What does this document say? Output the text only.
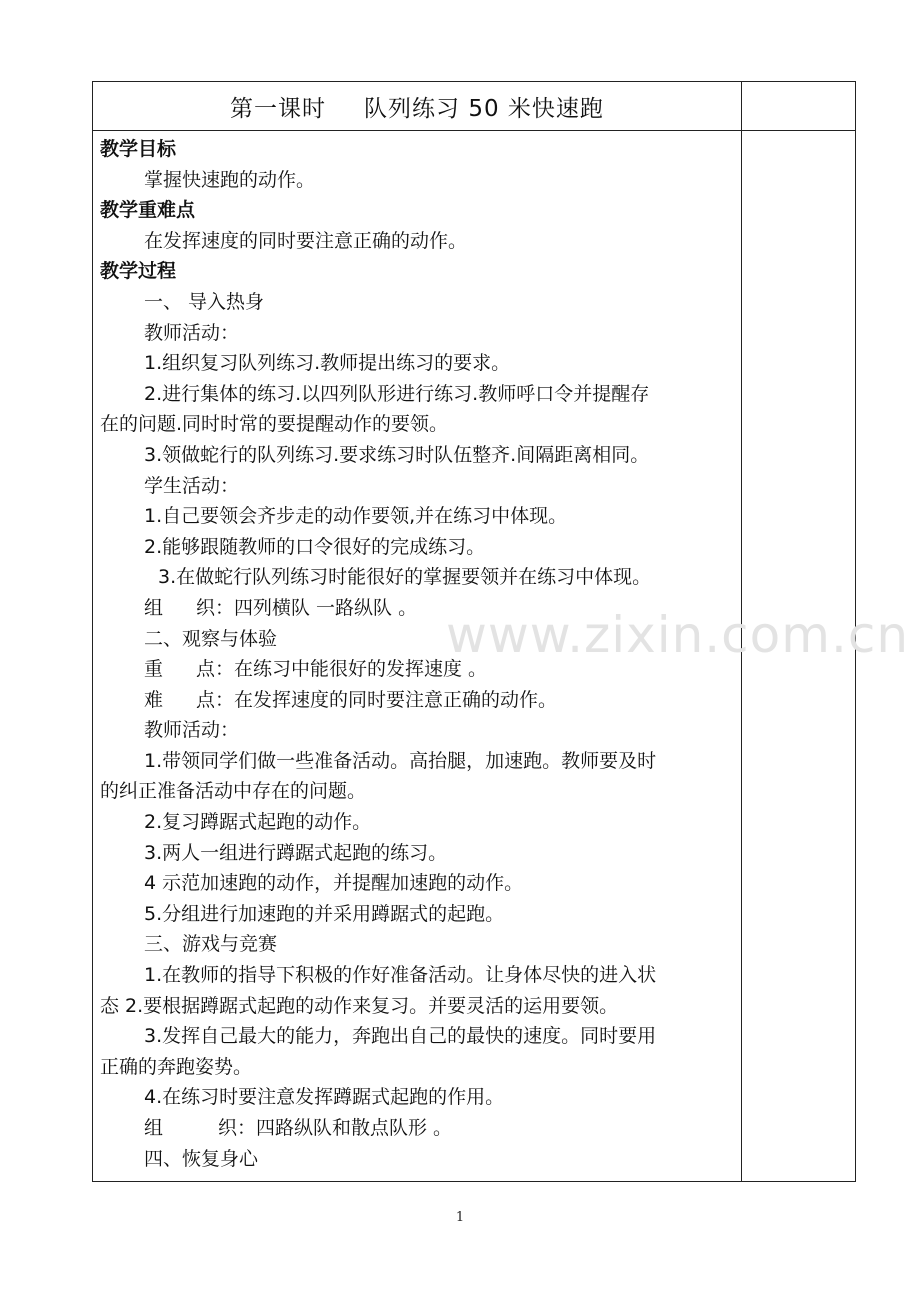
第一课时 队列练习 50 米快速跑
教学目标
掌握快速跑的动作。
教学重难点
在发挥速度的同时要注意正确的动作。
教学过程
一、 导入热身
教师活动：
1.组织复习队列练习.教师提出练习的要求。
2.进行集体的练习.以四列队形进行练习.教师呼口令并提醒存
在的问题.同时时常的要提醒动作的要领。
3.领做蛇行的队列练习.要求练习时队伍整齐.间隔距离相同。
学生活动：
1.自己要领会齐步走的动作要领,并在练习中体现。
2.能够跟随教师的口令很好的完成练习。
3.在做蛇行队列练习时能很好的掌握要领并在练习中体现。
组 织：四列横队 一路纵队 。
二、观察与体验
重 点：在练习中能很好的发挥速度 。
难 点：在发挥速度的同时要注意正确的动作。
教师活动：
1.带领同学们做一些准备活动。高抬腿，加速跑。教师要及时
的纠正准备活动中存在的问题。
2.复习蹲踞式起跑的动作。
3.两人一组进行蹲踞式起跑的练习。
4 示范加速跑的动作，并提醒加速跑的动作。
5.分组进行加速跑的并采用蹲踞式的起跑。
三、游戏与竞赛
1.在教师的指导下积极的作好准备活动。让身体尽快的进入状
态 2.要根据蹲踞式起跑的动作来复习。并要灵活的运用要领。
3.发挥自己最大的能力，奔跑出自己的最快的速度。同时要用
正确的奔跑姿势。
4.在练习时要注意发挥蹲踞式起跑的作用。
组	织：四路纵队和散点队形 。
四、恢复身心
www.zixin.com.cn
1
